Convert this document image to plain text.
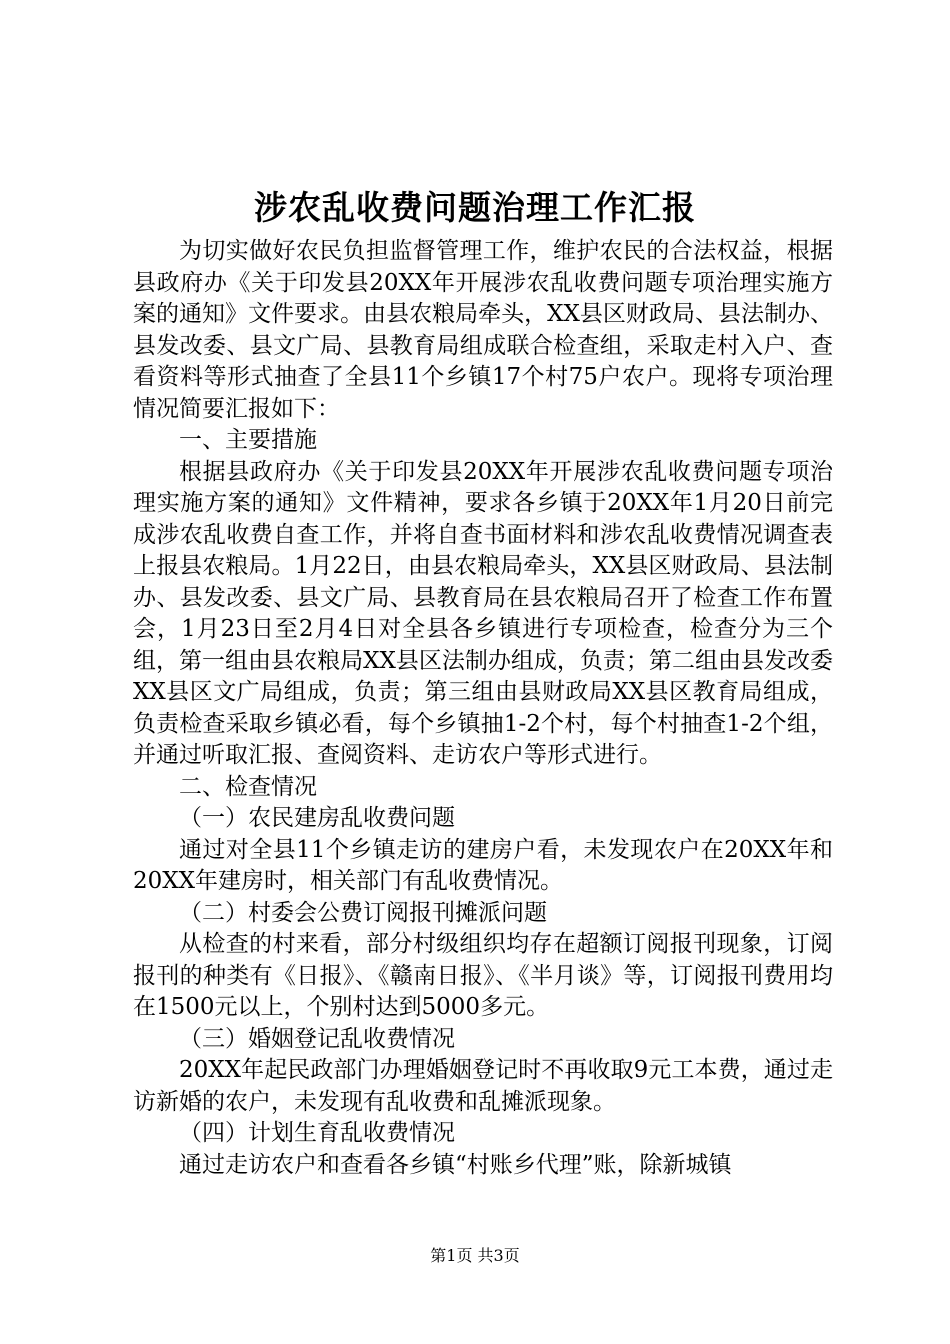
涉农乱收费问题治理工作汇报

为切实做好农民负担监督管理工作，维护农民的合法权益，根据县政府办《关于印发县20XX年开展涉农乱收费问题专项治理实施方案的通知》文件要求。由县农粮局牵头，XX县区财政局、县法制办、县发改委、县文广局、县教育局组成联合检查组，采取走村入户、查看资料等形式抽查了全县11个乡镇17个村75户农户。现将专项治理情况简要汇报如下：

一、主要措施

根据县政府办《关于印发县20XX年开展涉农乱收费问题专项治理实施方案的通知》文件精神，要求各乡镇于20XX年1月20日前完成涉农乱收费自查工作，并将自查书面材料和涉农乱收费情况调查表上报县农粮局。1月22日，由县农粮局牵头，XX县区财政局、县法制办、县发改委、县文广局、县教育局在县农粮局召开了检查工作布置会，1月23日至2月4日对全县各乡镇进行专项检查，检查分为三个组，第一组由县农粮局XX县区法制办组成，负责；第二组由县发改委XX县区文广局组成，负责；第三组由县财政局XX县区教育局组成，负责检查采取乡镇必看，每个乡镇抽1-2个村，每个村抽查1-2个组，并通过听取汇报、查阅资料、走访农户等形式进行。

二、检查情况

（一）农民建房乱收费问题

通过对全县11个乡镇走访的建房户看，未发现农户在20XX年和20XX年建房时，相关部门有乱收费情况。

（二）村委会公费订阅报刊摊派问题

从检查的村来看，部分村级组织均存在超额订阅报刊现象，订阅报刊的种类有《日报》、《赣南日报》、《半月谈》等，订阅报刊费用均在1500元以上，个别村达到5000多元。

（三）婚姻登记乱收费情况

20XX年起民政部门办理婚姻登记时不再收取9元工本费，通过走访新婚的农户，未发现有乱收费和乱摊派现象。

（四）计划生育乱收费情况

通过走访农户和查看各乡镇“村账乡代理”账，除新城镇

第1页 共3页
